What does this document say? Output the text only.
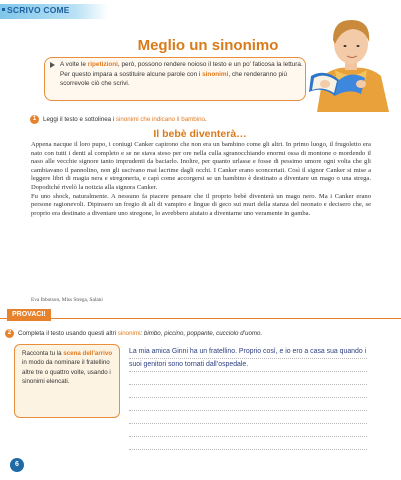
SCRIVO COME
Meglio un sinonimo
A volte le ripetizioni, però, possono rendere noioso il testo e un po’ faticosa la lettura. Per questo impara a sostituire alcune parole con i sinonimi, che renderanno più scorrevole ciò che scrivi.
1	Leggi il testo e sottolinea i sinonimi che indicano il bambino.
Il bebè diventerà…

Appena nacque il loro pupo, i coniugi Canker capirono che non era un bambino come gli altri. In primo luogo, il frugoletto era nato con tutti i denti al completo e se ne stava steso per ore nella culla sgranocchiando enormi ossa di montone o mordendo il naso alle vecchie signore tanto imprudenti da baciarlo. Inoltre, per quanto urlasse e fosse di pessimo umore ogni volta che gli cambiavano il pannolino, non gli uscivano mai lacrime dagli occhi. I Canker erano sconcertati. Così il signor Canker si mise a leggere libri di magia nera e stregoneria, e capì come accorgersi se un bambino è destinato a diventare un mago o una strega. Dopodiché rivelò la notizia alla signora Canker.

Fu uno shock, naturalmente. A nessuno fa piacere pensare che il proprio bebè diventerà un mago nero. Ma i Canker erano persone ragionevoli. Dipinsero un fregio di ali di vampiro e lingue di geco sui muri della stanza del neonato e decisero che, se proprio era destinato a diventare uno stregone, lo avrebbero aiutato a diventarne uno veramente in gamba.

Eva Ibbotson, Miss Strega, Salani
PROVACI!
2	Completa il testo usando questi altri sinonimi: bimbo, piccino, poppante, cucciolo d’uomo.
Racconta tu la scena dell’arrivo in modo da nominare il fratellino altre tre o quattro volte, usando i sinonimi elencati.
La mia amica Ginni ha un fratellino. Proprio così, e io ero a casa sua quando i suoi genitori sono tornati dall’ospedale.
6
